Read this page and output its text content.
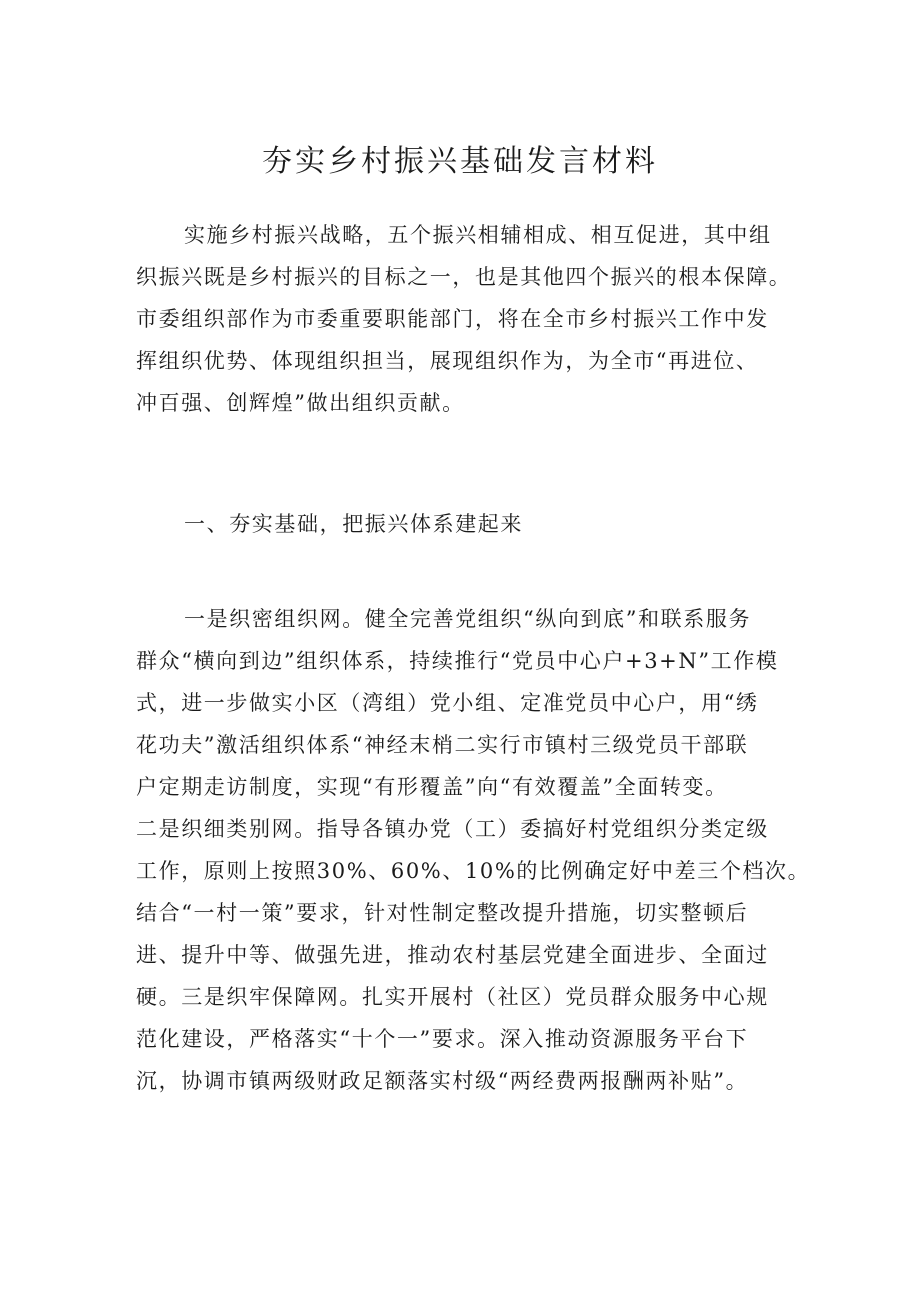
夯实乡村振兴基础发言材料
实施乡村振兴战略，五个振兴相辅相成、相互促进，其中组
织振兴既是乡村振兴的目标之一，也是其他四个振兴的根本保障。
市委组织部作为市委重要职能部门，将在全市乡村振兴工作中发
挥组织优势、体现组织担当，展现组织作为，为全市“再进位、
冲百强、创辉煌”做出组织贡献。
一、夯实基础，把振兴体系建起来
一是织密组织网。健全完善党组织“纵向到底”和联系服务
群众“横向到边”组织体系，持续推行“党员中心户+3+N”工作模
式，进一步做实小区（湾组）党小组、定准党员中心户，用“绣
花功夫”激活组织体系“神经末梢二实行市镇村三级党员干部联
户定期走访制度，实现“有形覆盖”向“有效覆盖”全面转变。
二是织细类别网。指导各镇办党（工）委搞好村党组织分类定级
工作，原则上按照30%、60%、10%的比例确定好中差三个档次。
结合“一村一策”要求，针对性制定整改提升措施，切实整顿后
进、提升中等、做强先进，推动农村基层党建全面进步、全面过
硬。三是织牢保障网。扎实开展村（社区）党员群众服务中心规
范化建设，严格落实“十个一”要求。深入推动资源服务平台下
沉，协调市镇两级财政足额落实村级“两经费两报酬两补贴”。
